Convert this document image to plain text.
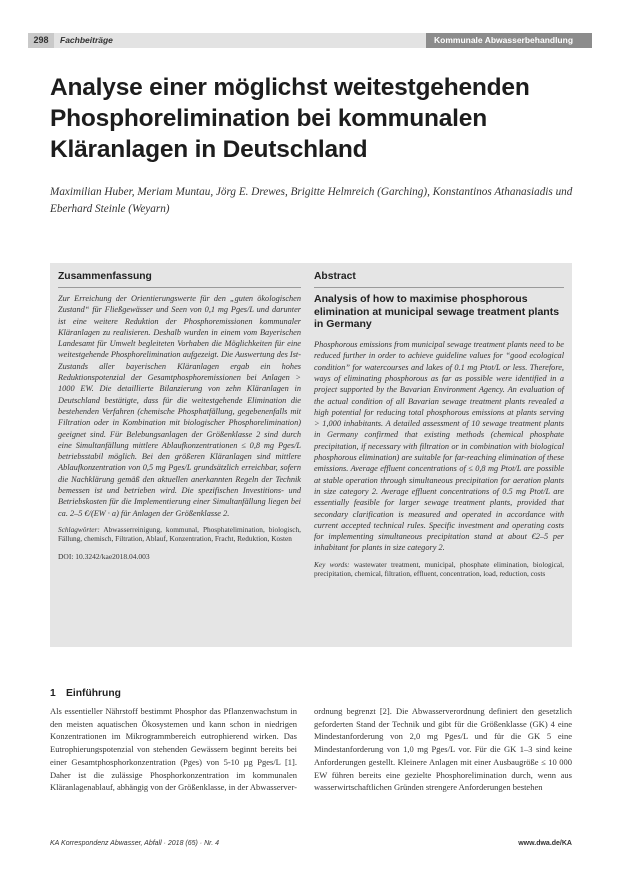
298	Fachbeiträge	Kommunale Abwasserbehandlung
Analyse einer möglichst weitestgehenden Phosphorelimination bei kommunalen Kläranlagen in Deutschland
Maximilian Huber, Meriam Muntau, Jörg E. Drewes, Brigitte Helmreich (Garching), Konstantinos Athanasiadis und Eberhard Steinle (Weyarn)
Zusammenfassung
Zur Erreichung der Orientierungswerte für den „guten ökologischen Zustand“ für Fließgewässer und Seen von 0,1 mg Pges/L und darunter ist eine weitere Reduktion der Phosphoremissionen kommunaler Kläranlagen zu realisieren. Deshalb wurden in einem vom Bayerischen Landesamt für Umwelt begleiteten Vorhaben die Möglichkeiten für eine weitestgehende Phosphorelimination aufgezeigt. Die Auswertung des Ist-Zustands aller bayerischen Kläranlagen ergab ein hohes Reduktionspotenzial der Gesamtphosphoremissionen bei Anlagen > 1000 EW. Die detaillierte Bilanzierung von zehn Kläranlagen in Deutschland bestätigte, dass für die weitestgehende Elimination die bestehenden Verfahren (chemische Phosphatfällung, gegebenenfalls mit Filtration oder in Kombination mit biologischer Phosphorelimination) geeignet sind. Für Belebungsanlagen der Größenklasse 2 sind durch eine Simultanfällung mittlere Ablaufkonzentrationen ≤ 0,8 mg Pges/L betriebsstabil möglich. Bei den größeren Kläranlagen sind mittlere Ablaufkonzentration von 0,5 mg Pges/L grundsätzlich erreichbar, sofern die Nachklärung gemäß den aktuellen anerkannten Regeln der Technik bemessen ist und betrieben wird. Die spezifischen Investitions- und Betriebskosten für die Implementierung einer Simultanfällung liegen bei ca. 2–5 €/(EW · a) für Anlagen der Größenklasse 2.
Schlagwörter: Abwasserreinigung, kommunal, Phosphatelimination, biologisch, Fällung, chemisch, Filtration, Ablauf, Konzentration, Fracht, Reduktion, Kosten
DOI: 10.3242/kae2018.04.003
Abstract
Analysis of how to maximise phosphorous elimination at municipal sewage treatment plants in Germany
Phosphorous emissions from municipal sewage treatment plants need to be reduced further in order to achieve guideline values for “good ecological condition” for watercourses and lakes of 0.1 mg Ptot/L or less. Therefore, ways of eliminating phosphorous as far as possible were identified in a project supported by the Bavarian Environment Agency. An evaluation of the actual condition of all Bavarian sewage treatment plants revealed a high potential for reducing total phosphorous emissions at plants serving > 1,000 inhabitants. A detailed assessment of 10 sewage treatment plants in Germany confirmed that existing methods (chemical phosphate precipitation, if necessary with filtration or in combination with biological phosphorous elimination) are suitable for far-reaching elimination of these emissions. Average effluent concentrations of ≤ 0,8 mg Ptot/L are possible at stable operation through simultaneous precipitation for aeration plants in size category 2. Average effluent concentrations of 0.5 mg Ptot/L are essentially feasible for larger sewage treatment plants, provided that secondary clarification is measured and operated in accordance with current accepted technical rules. Specific investment and operating costs for implementing simultaneous precipitation stand at about €2–5 per inhabitant for plants in size category 2.
Key words: wastewater treatment, municipal, phosphate elimination, biological, precipitation, chemical, filtration, effluent, concentration, load, reduction, costs
1 Einführung
Als essentieller Nährstoff bestimmt Phosphor das Pflanzenwachstum in den meisten aquatischen Ökosystemen und kann schon in niedrigen Konzentrationen im Mikrogrammbereich eutrophierend wirken. Das Eutrophierungspotenzial von stehenden Gewässern beginnt bereits bei einer Gesamtphosphorkonzentration (Pges) von 5-10 µg Pges/L [1]. Daher ist die zulässige Phosphorkonzentration im kommunalen Kläranlagenablauf, abhängig von der Größenklasse, in der Abwasserver-
ordnung begrenzt [2]. Die Abwasserverordnung definiert den gesetzlich geforderten Stand der Technik und gibt für die Größenklasse (GK) 4 eine Mindestanforderung von 2,0 mg Pges/L und für die GK 5 eine Mindestanforderung von 1,0 mg Pges/L vor. Für die GK 1–3 sind keine Anforderungen gestellt. Kleinere Anlagen mit einer Ausbaugröße ≤ 10 000 EW führen bereits eine gezielte Phosphorelimination durch, wenn aus wasserwirtschaftlichen Gründen strengere Anforderungen bestehen
KA Korrespondenz Abwasser, Abfall · 2018 (65) · Nr. 4	www.dwa.de/KA
